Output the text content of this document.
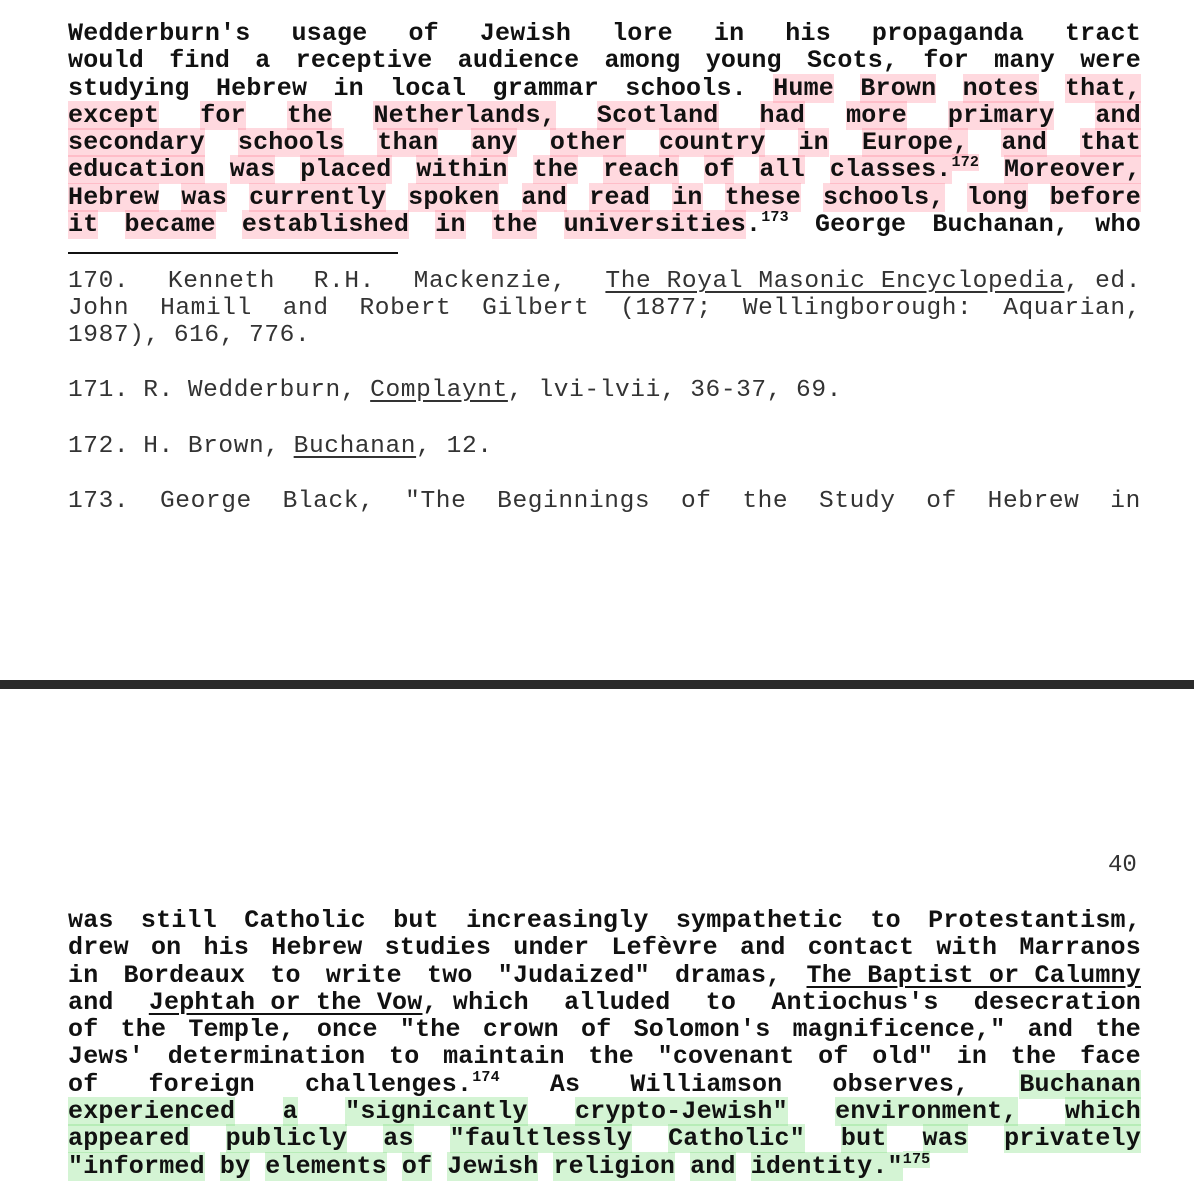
Wedderburn's usage of Jewish lore in his propaganda tract
would find a receptive audience among young Scots, for many were
studying Hebrew in local grammar schools. Hume Brown notes that,
except for the Netherlands, Scotland had more primary and
secondary schools than any other country in Europe, and that
education was placed within the reach of all classes.$^{172}$ Moreover,
Hebrew was currently spoken and read in these schools, long before
it became established in the universities.$^{173}$ George Buchanan, who
170. Kenneth R.H. Mackenzie, The Royal Masonic Encyclopedia, ed.
John Hamill and Robert Gilbert (1877; Wellingborough: Aquarian,
1987), 616, 776.
171. R. Wedderburn, Complaynt, lvi-lvii, 36-37, 69.
172. H. Brown, Buchanan, 12.
173. George Black, "The Beginnings of the Study of Hebrew in
was still Catholic but increasingly sympathetic to Protestantism,
drew on his Hebrew studies under Lefèvre and contact with Marranos
in Bordeaux to write two "Judaized" dramas, The Baptist or Calumny
and Jephtah or the Vow, which alluded to Antiochus's desecration
of the Temple, once "the crown of Solomon's magnificence," and the
Jews' determination to maintain the "covenant of old" in the face
of foreign challenges.$^{174}$ As Williamson observes, Buchanan
experienced a "signicantly crypto-Jewish" environment, which
appeared publicly as "faultlessly Catholic" but was privately
"informed by elements of Jewish religion and identity."$^{175}$
40
